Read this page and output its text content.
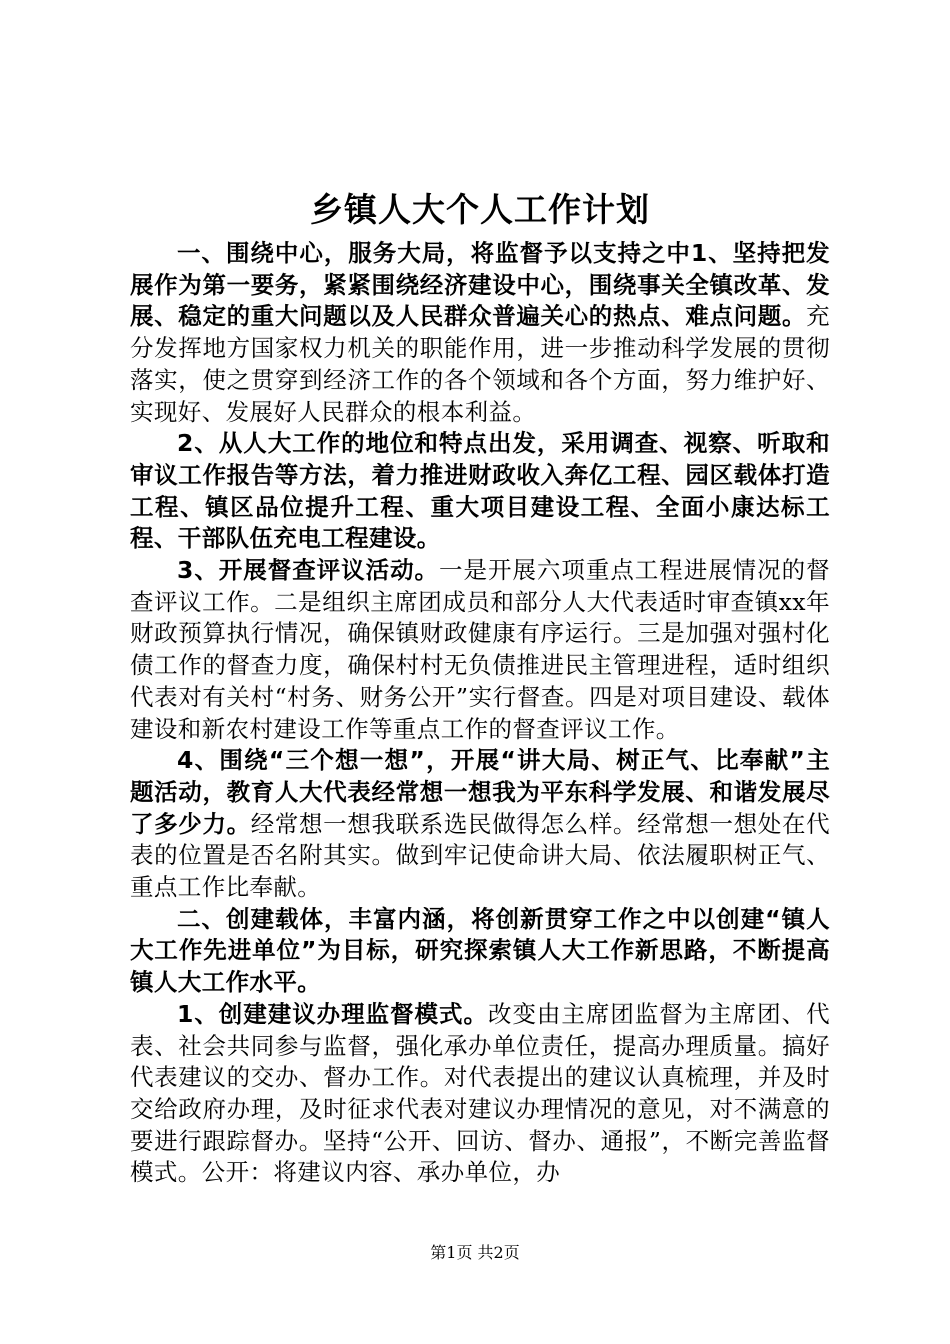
乡镇人大个人工作计划

一、围绕中心，服务大局，将监督予以支持之中1、坚持把发展作为第一要务，紧紧围绕经济建设中心，围绕事关全镇改革、发展、稳定的重大问题以及人民群众普遍关心的热点、难点问题。充分发挥地方国家权力机关的职能作用，进一步推动科学发展的贯彻落实，使之贯穿到经济工作的各个领域和各个方面，努力维护好、实现好、发展好人民群众的根本利益。

2、从人大工作的地位和特点出发，采用调查、视察、听取和审议工作报告等方法，着力推进财政收入奔亿工程、园区载体打造工程、镇区品位提升工程、重大项目建设工程、全面小康达标工程、干部队伍充电工程建设。

3、开展督查评议活动。一是开展六项重点工程进展情况的督查评议工作。二是组织主席团成员和部分人大代表适时审查镇xx年财政预算执行情况，确保镇财政健康有序运行。三是加强对强村化债工作的督查力度，确保村村无负债推进民主管理进程，适时组织代表对有关村“村务、财务公开”实行督查。四是对项目建设、载体建设和新农村建设工作等重点工作的督查评议工作。

4、围绕“三个想一想”，开展“讲大局、树正气、比奉献”主题活动，教育人大代表经常想一想我为平东科学发展、和谐发展尽了多少力。经常想一想我联系选民做得怎么样。经常想一想处在代表的位置是否名附其实。做到牢记使命讲大局、依法履职树正气、重点工作比奉献。

二、创建载体，丰富内涵，将创新贯穿工作之中以创建“镇人大工作先进单位”为目标，研究探索镇人大工作新思路，不断提高镇人大工作水平。

1、创建建议办理监督模式。改变由主席团监督为主席团、代表、社会共同参与监督，强化承办单位责任，提高办理质量。搞好代表建议的交办、督办工作。对代表提出的建议认真梳理，并及时交给政府办理，及时征求代表对建议办理情况的意见，对不满意的要进行跟踪督办。坚持“公开、回访、督办、通报”，不断完善监督模式。公开：将建议内容、承办单位，办

第1页 共2页
